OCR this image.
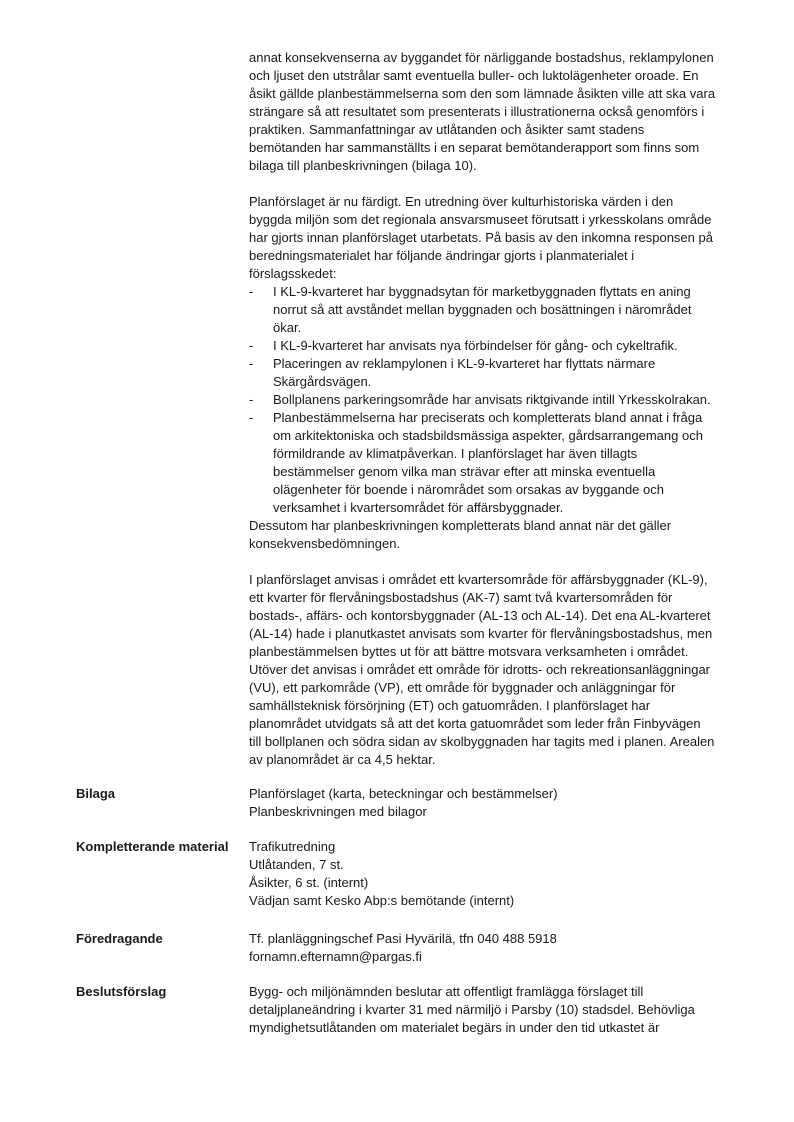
annat konsekvenserna av byggandet för närliggande bostadshus, reklampylonen
och ljuset den utstrålar samt eventuella buller- och luktolägenheter oroade. En
åsikt gällde planbestämmelserna som den som lämnade åsikten ville att ska vara
strängare så att resultatet som presenterats i illustrationerna också genomförs i
praktiken. Sammanfattningar av utlåtanden och åsikter samt stadens
bemötanden har sammanställts i en separat bemötanderapport som finns som
bilaga till planbeskrivningen (bilaga 10).

Planförslaget är nu färdigt. En utredning över kulturhistoriska värden i den
byggda miljön som det regionala ansvarsmuseet förutsatt i yrkesskolans område
har gjorts innan planförslaget utarbetats. På basis av den inkomna responsen på
beredningsmaterialet har följande ändringar gjorts i planmaterialet i
förslagsskedet:

- I KL-9-kvarteret har byggnadsytan för marketbyggnaden flyttats en aning
norrut så att avståndet mellan byggnaden och bosättningen i närområdet
ökar.
- I KL-9-kvarteret har anvisats nya förbindelser för gång- och cykeltrafik.
- Placeringen av reklampylonen i KL-9-kvarteret har flyttats närmare
Skärgårdsvägen.
- Bollplanens parkeringsområde har anvisats riktgivande intill Yrkesskolrakan.
- Planbestämmelserna har preciserats och kompletterats bland annat i fråga
om arkitektoniska och stadsbildsmässiga aspekter, gårdsarrangemang och
förmildrande av klimatpåverkan. I planförslaget har även tillagts
bestämmelser genom vilka man strävar efter att minska eventuella
olägenheter för boende i närområdet som orsakas av byggande och
verksamhet i kvartersområdet för affärsbyggnader.

Dessutom har planbeskrivningen kompletterats bland annat när det gäller
konsekvensbedömningen.

I planförslaget anvisas i området ett kvartersområde för affärsbyggnader (KL-9),
ett kvarter för flervåningsbostadshus (AK-7) samt två kvartersområden för
bostads-, affärs- och kontorsbyggnader (AL-13 och AL-14). Det ena AL-kvarteret
(AL-14) hade i planutkastet anvisats som kvarter för flervåningsbostadshus, men
planbestämmelsen byttes ut för att bättre motsvara verksamheten i området.
Utöver det anvisas i området ett område för idrotts- och rekreationsanläggningar
(VU), ett parkområde (VP), ett område för byggnader och anläggningar för
samhällsteknisk försörjning (ET) och gatuområden. I planförslaget har
planområdet utvidgats så att det korta gatuområdet som leder från Finbyvägen
till bollplanen och södra sidan av skolbyggnaden har tagits med i planen. Arealen
av planområdet är ca 4,5 hektar.

Bilaga	Planförslaget (karta, beteckningar och bestämmelser)
Planbeskrivningen med bilagor
Kompletterande material	Trafikutredning
Utlåtanden, 7 st.
Åsikter, 6 st. (internt)
Vädjan samt Kesko Abp:s bemötande (internt)
Föredragande	Tf. planläggningschef Pasi Hyvärilä, tfn 040 488 5918
fornamn.efternamn@pargas.fi
Beslutsförslag	Bygg- och miljönämnden beslutar att offentligt framlägga förslaget till
detaljplaneändring i kvarter 31 med närmiljö i Parsby (10) stadsdel. Behövliga
myndighetsutlåtanden om materialet begärs in under den tid utkastet är
